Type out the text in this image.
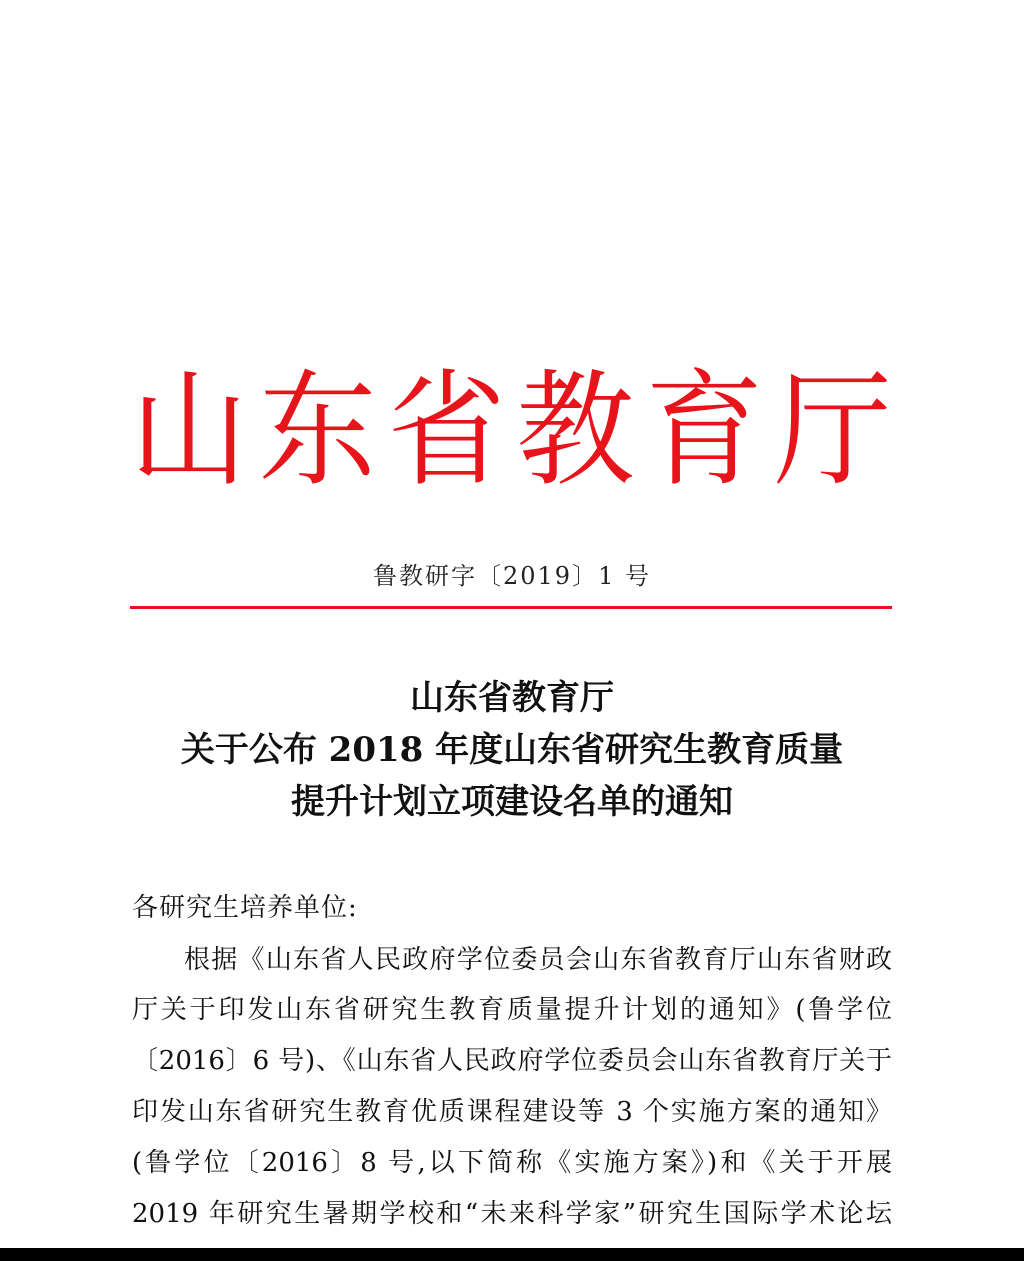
山 东 省 教 育 厅
鲁教研字〔2019〕1 号
山东省教育厅
关于公布 2018 年度山东省研究生教育质量
提升计划立项建设名单的通知

各研究生培养单位:

根据《山东省人民政府学位委员会山东省教育厅山东省财政

厅关于印发山东省研究生教育质量提升计划的通知》(鲁学位

〔2016〕6 号)、《山东省人民政府学位委员会山东省教育厅关于

印发山东省研究生教育优质课程建设等 3 个实施方案的通知》

(鲁学位〔2016〕8 号,以下简称《实施方案》)和《关于开展

2019 年研究生暑期学校和“未来科学家”研究生国际学术论坛
